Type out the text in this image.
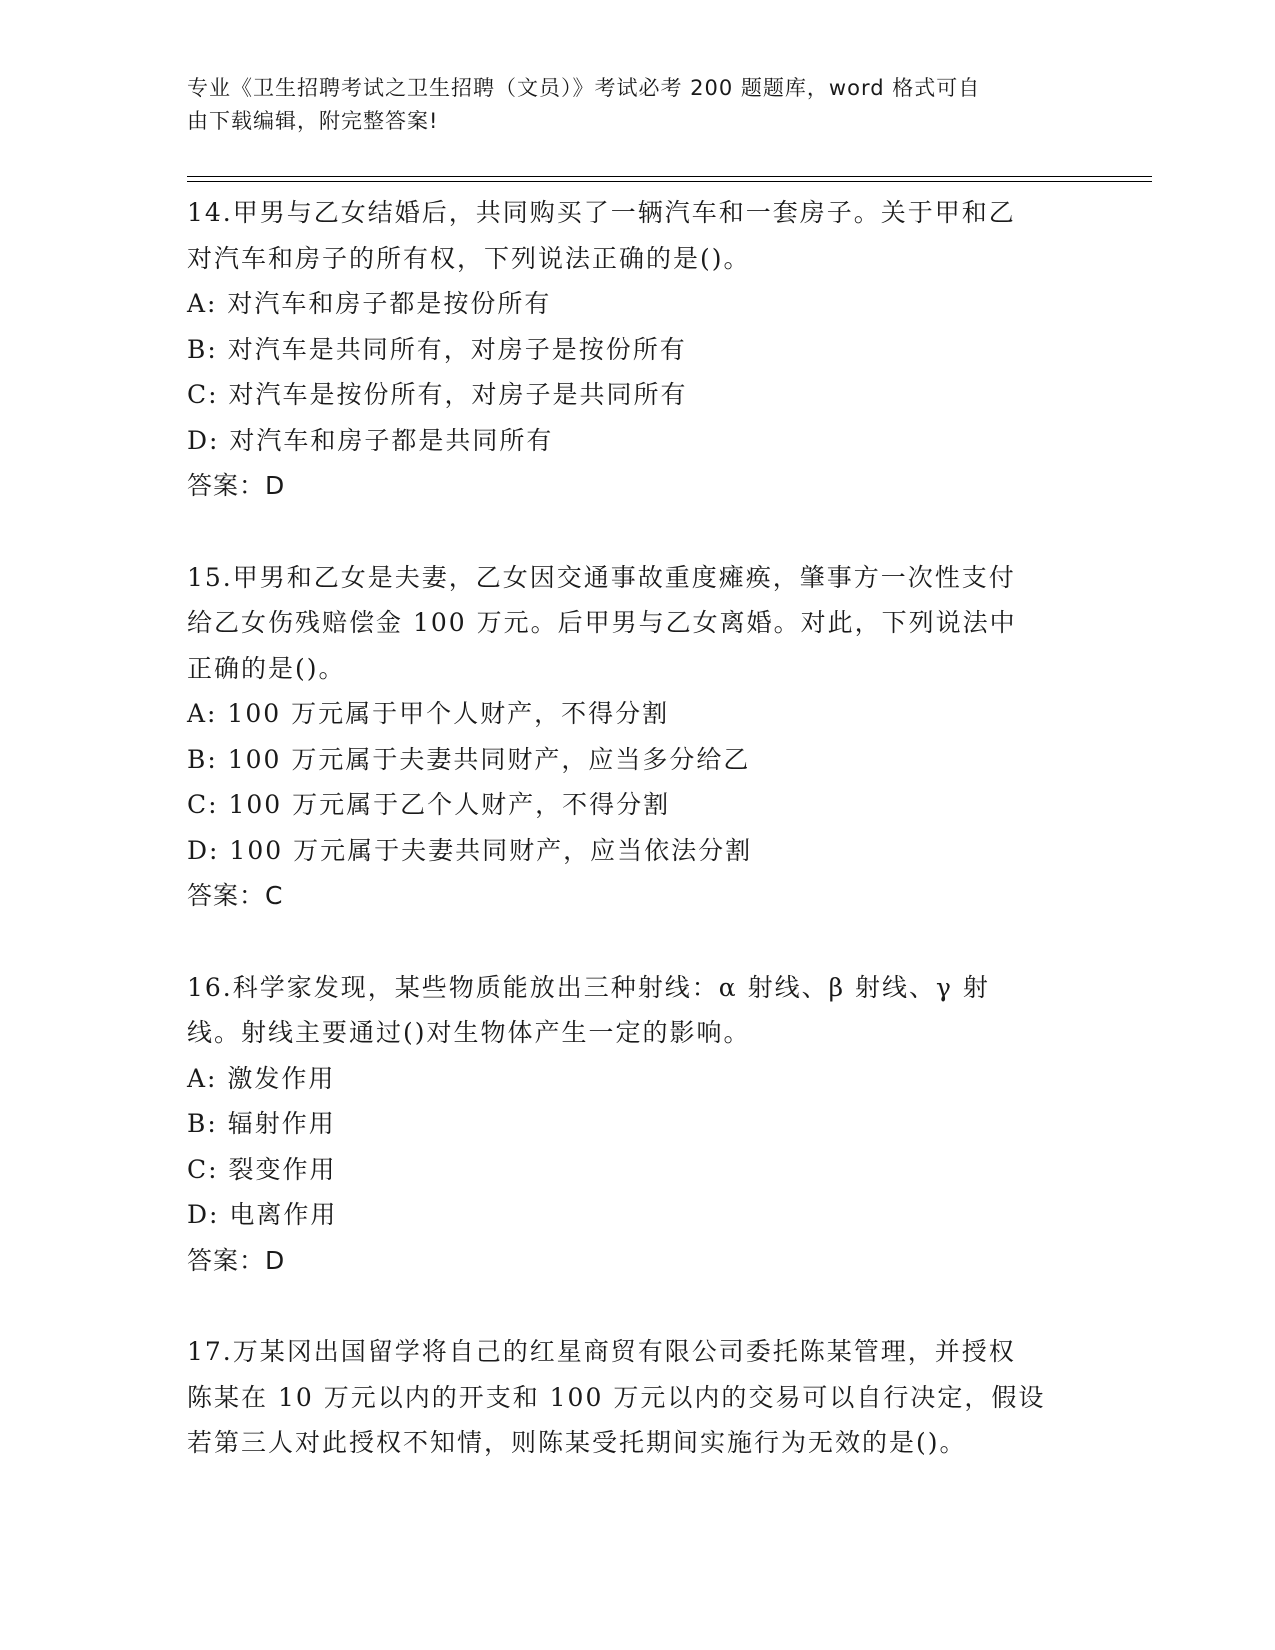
专业《卫生招聘考试之卫生招聘（文员）》考试必考 200 题题库，word 格式可自
由下载编辑，附完整答案!

14.甲男与乙女结婚后，共同购买了一辆汽车和一套房子。关于甲和乙

对汽车和房子的所有权，下列说法正确的是()。

A: 对汽车和房子都是按份所有

B: 对汽车是共同所有，对房子是按份所有

C: 对汽车是按份所有，对房子是共同所有

D: 对汽车和房子都是共同所有

答案：D

15.甲男和乙女是夫妻，乙女因交通事故重度瘫痪，肇事方一次性支付

给乙女伤残赔偿金 100 万元。后甲男与乙女离婚。对此，下列说法中

正确的是()。

A: 100 万元属于甲个人财产，不得分割

B: 100 万元属于夫妻共同财产，应当多分给乙

C: 100 万元属于乙个人财产，不得分割

D: 100 万元属于夫妻共同财产，应当依法分割

答案：C

16.科学家发现，某些物质能放出三种射线：α 射线、β 射线、γ 射

线。射线主要通过()对生物体产生一定的影响。

A: 激发作用

B: 辐射作用

C: 裂变作用

D: 电离作用

答案：D

17.万某冈出国留学将自己的红星商贸有限公司委托陈某管理，并授权

陈某在 10 万元以内的开支和 100 万元以内的交易可以自行决定，假设

若第三人对此授权不知情，则陈某受托期间实施行为无效的是()。
